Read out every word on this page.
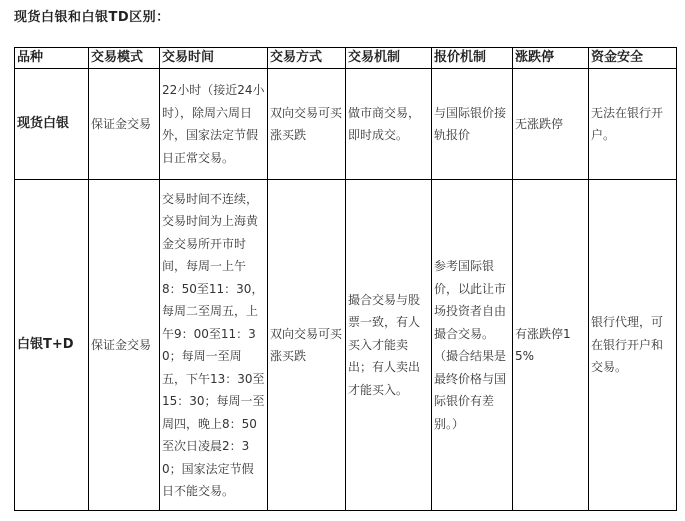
现货白银和白银TD区别：
品种	交易模式	交易时间	交易方式	交易机制	报价机制	涨跌停	资金安全
现货白银	保证金交易	22小时（接近24小时），除周六周日外，国家法定节假日正常交易。	双向交易可买涨买跌	做市商交易，即时成交。	与国际银价接轨报价	无涨跌停	无法在银行开户。
白银T+D	保证金交易	交易时间不连续，交易时间为上海黄金交易所开市时间，每周一上午8：50至11：30，每周二至周五，上午9：00至11：30；每周一至周五，下午13：30至15：30；每周一至周四，晚上8：50至次日凌晨2：30；国家法定节假日不能交易。	双向交易可买涨买跌	撮合交易与股票一致，有人买入才能卖出；有人卖出才能买入。	参考国际银价，以此让市场投资者自由撮合交易。（撮合结果是最终价格与国际银价有差别。）	有涨跌停15%	银行代理，可在银行开户和交易。
